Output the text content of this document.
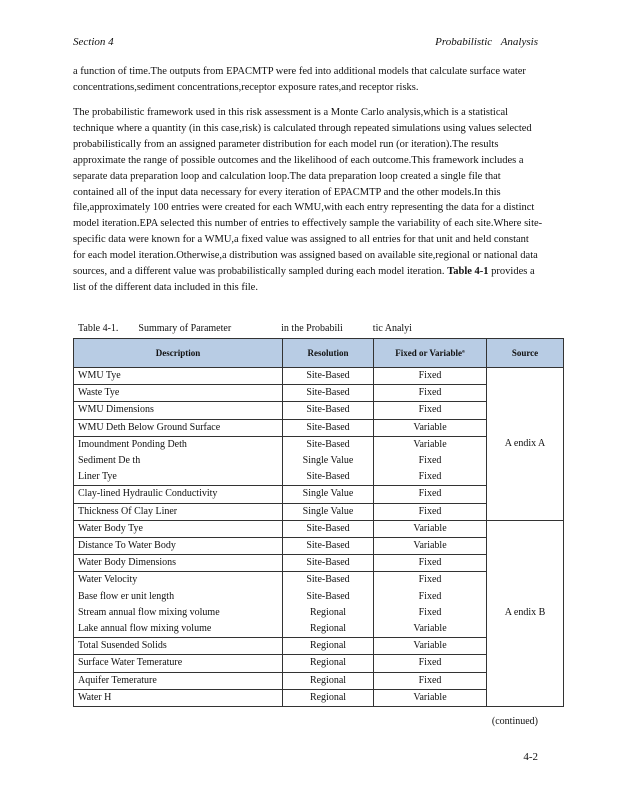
Section 4	Probabilistic Analysis

a function of time.The outputs from EPACMTP were fed into additional models that calculate surface water concentrations,sediment concentrations,receptor exposure rates,and receptor risks.

The probabilistic framework used in this risk assessment is a Monte Carlo analysis,which is a statistical technique where a quantity (in this case,risk) is calculated through repeated simulations using values selected probabilistically from an assigned parameter distribution for each model run (or iteration).The results approximate the range of possible outcomes and the likelihood of each outcome.This framework includes a separate data preparation loop and calculation loop.The data preparation loop created a single file that contained all of the input data necessary for every iteration of EPACMTP and the other models.In this file,approximately 100 entries were created for each WMU,with each entry representing the data for a distinct model iteration.EPA selected this number of entries to effectively sample the variability of each site.Where site-specific data were known for a WMU,a fixed value was assigned to all entries for that unit and held constant for each model iteration.Otherwise,a distribution was assigned based on available site,regional or national data sources, and a different value was probabilistically sampled during each model iteration. Table 4-1 provides a list of the different data included in this file.

Table 4-1.        Summary of Parameter                    in the Probabili            tic Analyi
Description	Resolution	Fixed or Variableª	Source
WMU Tye	Site-Based	Fixed	A endix A
Waste Tye	Site-Based	Fixed	
WMU Dimensions	Site-Based	Fixed	
WMU Deth Below Ground Surface	Site-Based	Variable	
Imoundment Ponding Deth	Site-Based	Variable	
Sediment De th	Single Value	Fixed	
Liner Tye	Site-Based	Fixed	
Clay-lined Hydraulic Conductivity	Single Value	Fixed	
Thickness Of Clay Liner	Single Value	Fixed	
Water Body Tye	Site-Based	Variable	A endix B
Distance To Water Body	Site-Based	Variable	
Water Body Dimensions	Site-Based	Fixed	
Water Velocity	Site-Based	Fixed	
Base flow er unit length	Site-Based	Fixed	
Stream annual flow mixing volume	Regional	Fixed	
Lake annual flow mixing volume	Regional	Variable	
Total Susended Solids	Regional	Variable	
Surface Water Temerature	Regional	Fixed	
Aquifer Temerature	Regional	Fixed	
Water H	Regional	Variable	
(continued)
4-2
